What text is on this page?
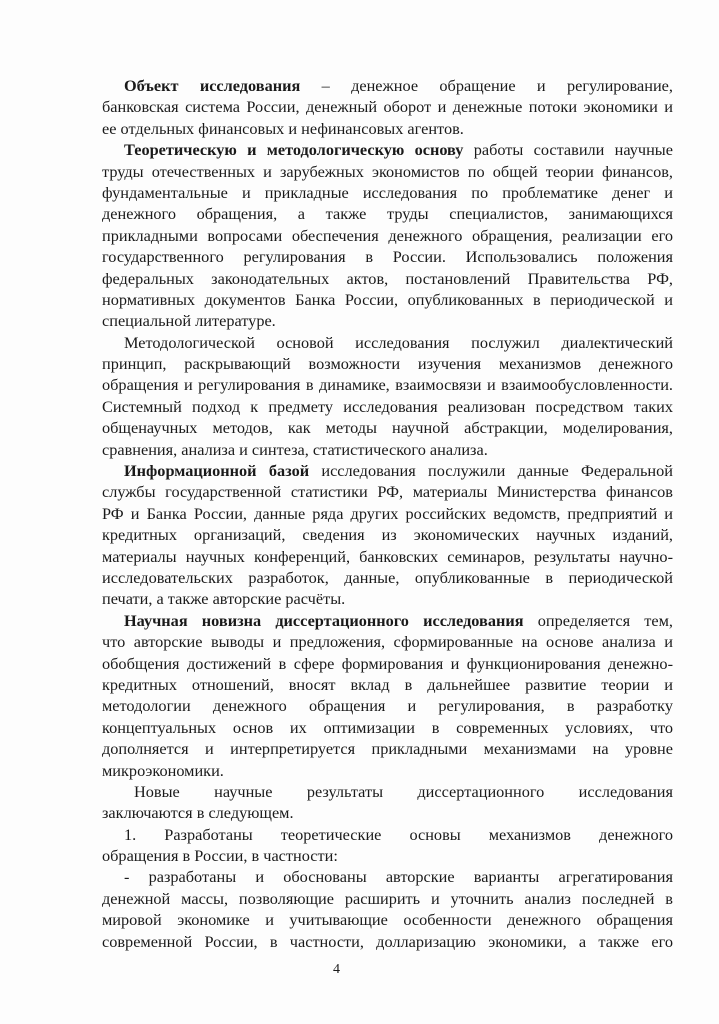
Объект исследования – денежное обращение и регулирование,
банковская система России, денежный оборот и денежные потоки экономики и
ее отдельных финансовых и нефинансовых агентов.
Теоретическую и методологическую основу работы составили научные
труды отечественных и зарубежных экономистов по общей теории финансов,
фундаментальные и прикладные исследования по проблематике денег и
денежного обращения, а также труды специалистов, занимающихся
прикладными вопросами обеспечения денежного обращения, реализации его
государственного регулирования в России. Использовались положения
федеральных законодательных актов, постановлений Правительства РФ,
нормативных документов Банка России, опубликованных в периодической и
специальной литературе.
Методологической основой исследования послужил диалектический
принцип, раскрывающий возможности изучения механизмов денежного
обращения и регулирования в динамике, взаимосвязи и взаимообусловленности.
Системный подход к предмету исследования реализован посредством таких
общенаучных методов, как методы научной абстракции, моделирования,
сравнения, анализа и синтеза, статистического анализа.
Информационной базой исследования послужили данные Федеральной
службы государственной статистики РФ, материалы Министерства финансов
РФ и Банка России, данные ряда других российских ведомств, предприятий и
кредитных организаций, сведения из экономических научных изданий,
материалы научных конференций, банковских семинаров, результаты научно-
исследовательских разработок, данные, опубликованные в периодической
печати, а также авторские расчёты.
Научная новизна диссертационного исследования определяется тем,
что авторские выводы и предложения, сформированные на основе анализа и
обобщения достижений в сфере формирования и функционирования денежно-
кредитных отношений, вносят вклад в дальнейшее развитие теории и
методологии денежного обращения и регулирования, в разработку
концептуальных основ их оптимизации в современных условиях, что
дополняется и интерпретируется прикладными механизмами на уровне
микроэкономики.
Новые научные результаты диссертационного исследования
заключаются в следующем.
1. Разработаны теоретические основы механизмов денежного
обращения в России, в частности:
- разработаны и обоснованы авторские варианты агрегатирования
денежной массы, позволяющие расширить и уточнить анализ последней в
мировой экономике и учитывающие особенности денежного обращения
современной России, в частности, долларизацию экономики, а также его
4
